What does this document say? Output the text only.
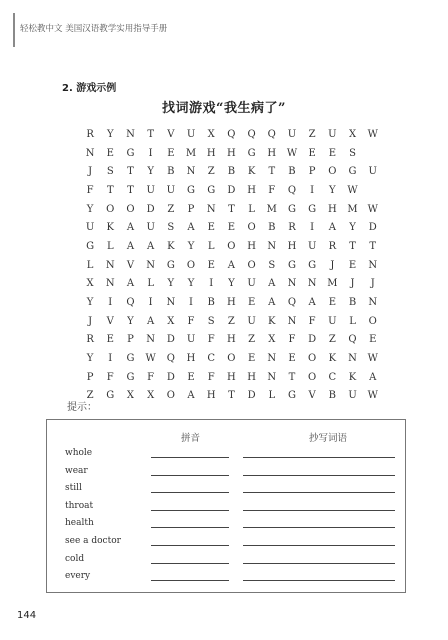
轻松教中文 美国汉语教学实用指导手册
2. 游戏示例
找词游戏“我生病了”
R	Y	N	T	V	U	X	Q	Q	Q	U	Z	U	X	W
N	E	G	I	E	M	H	H	G	H	W	E	E	S
J	S	T	Y	B	N	Z	B	K	T	B	P	O	G	U
F	T	T	U	U	G	G	D	H	F	Q	I	Y	W
Y	O	O	D	Z	P	N	T	L	M	G	G	H	M W
U	K	A	U	S	A	E	E	O	B	R	I	A	Y	D
G	L	A	A	K	Y	L	O	H	N	H	U	R	T	T
L	N	V	N	G	O	E	A	O	S	G	G	J	E	N
X	N	A	L	Y	Y	I	Y	U	A	N	N	M	J	J
Y	I	Q	I	N	I	B	H	E	A	Q	A	E	B	N
J	V	Y	A	X	F	S	Z	U	K	N	F	U	L	O
R	E	P	N	D	U	F	H	Z	X	F	D	Z	Q	E
Y	I	G	W	Q	H	C	O	E	N	E	O	K	N	W
P	F	G	F	D	E	F	H	H	N	T	O	C	K	A
Z	G	X	X	O	A	H	T	D	L	G	V	B	U	W
提示：
拼音	抄写词语
whole
wear
still
throat
health
see a doctor
cold
every
144
